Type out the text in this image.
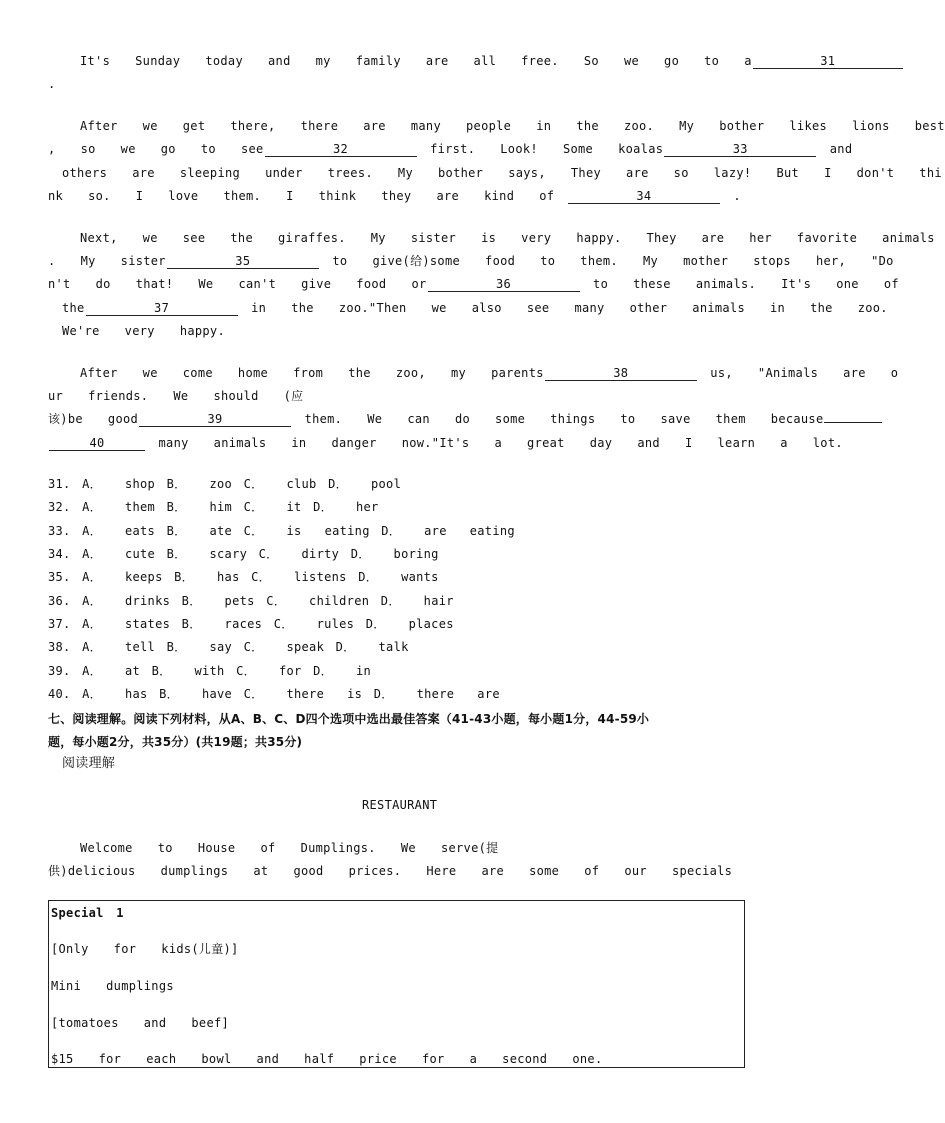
It's  Sunday  today  and  my  family  are  all  free.  So  we  go  to  a	31
.
After  we  get  there,  there  are  many  people  in  the  zoo.  My  bother  likes  lions  best
,  so  we  go  to  see	32	first.  Look!  Some  koalas	33	and
others  are  sleeping  under  trees.  My  bother  says,  They  are  so  lazy!  But  I  don't  thi
nk  so.  I  love  them.  I  think  they  are  kind  of	34	.
Next,  we  see  the  giraffes.  My  sister  is  very  happy.  They  are  her  favorite  animals
.  My  sister	35	to  give(给)some  food  to  them.  My  mother  stops  her,  "Do
n't  do  that!  We  can't  give  food  or	36	to  these  animals.  It's  one  of
the	37	in  the  zoo."Then  we  also  see  many  other  animals  in  the  zoo.
We're  very  happy.
After  we  come  home  from  the  zoo,  my  parents	38	us,  "Animals  are  o
ur  friends.  We  should  (应
该)be  good	39	them.  We  can  do  some  things  to  save  them  because
40	many  animals  in  danger  now."It's  a  great  day  and  I  learn  a  lot.
31. A．  shop B．  zoo C．  club D．  pool
32. A．  them B．  him C．  it D．  her
33. A．  eats B．  ate C．  is  eating D．  are  eating
34. A．  cute B．  scary C．  dirty D．  boring
35. A．  keeps B．  has C．  listens D．  wants
36. A．  drinks B．  pets C．  children D．  hair
37. A．  states B．  races C．  rules D．  places
38. A．  tell B．  say C．  speak D．  talk
39. A．  at B．  with C．  for D．  in
40. A．  has B．  have C．  there  is D．  there  are
七、阅读理解。阅读下列材料，从A、B、C、D四个选项中选出最佳答案（41-43小题，每小题1分，44-59小
题，每小题2分，共35分）(共19题；共35分)
阅读理解
RESTAURANT
Welcome  to  House  of  Dumplings.  We  serve(提
供)delicious  dumplings  at  good  prices.  Here  are  some  of  our  specials
Special 1
[Only  for  kids(儿童)]
Mini  dumplings
[tomatoes  and  beef]
$15  for  each  bowl  and  half  price  for  a  second  one.
